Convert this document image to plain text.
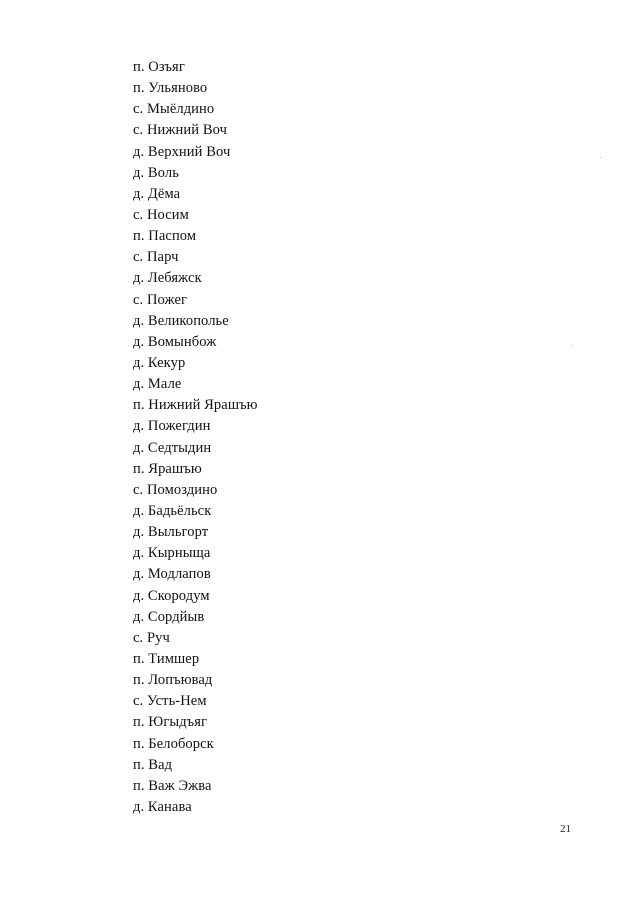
п. Озъяг
п. Ульяново
с. Мыёлдино
с. Нижний Воч
д. Верхний Воч
д. Воль
д. Дёма
с. Носим
п. Паспом
с. Парч
д. Лебяжск
с. Пожег
д. Великополье
д. Вомынбож
д. Кекур
д. Мале
п. Нижний Ярашъю
д. Пожегдин
д. Седтыдин
п. Ярашъю
с. Помоздино
д. Бадьёльск
д. Выльгорт
д. Кырныща
д. Модлапов
д. Скородум
д. Сордйыв
с. Руч
п. Тимшер
п. Лопъювад
с. Усть-Нем
п. Югыдъяг
п. Белоборск
п. Вад
п. Важ Эжва
д. Канава
21
